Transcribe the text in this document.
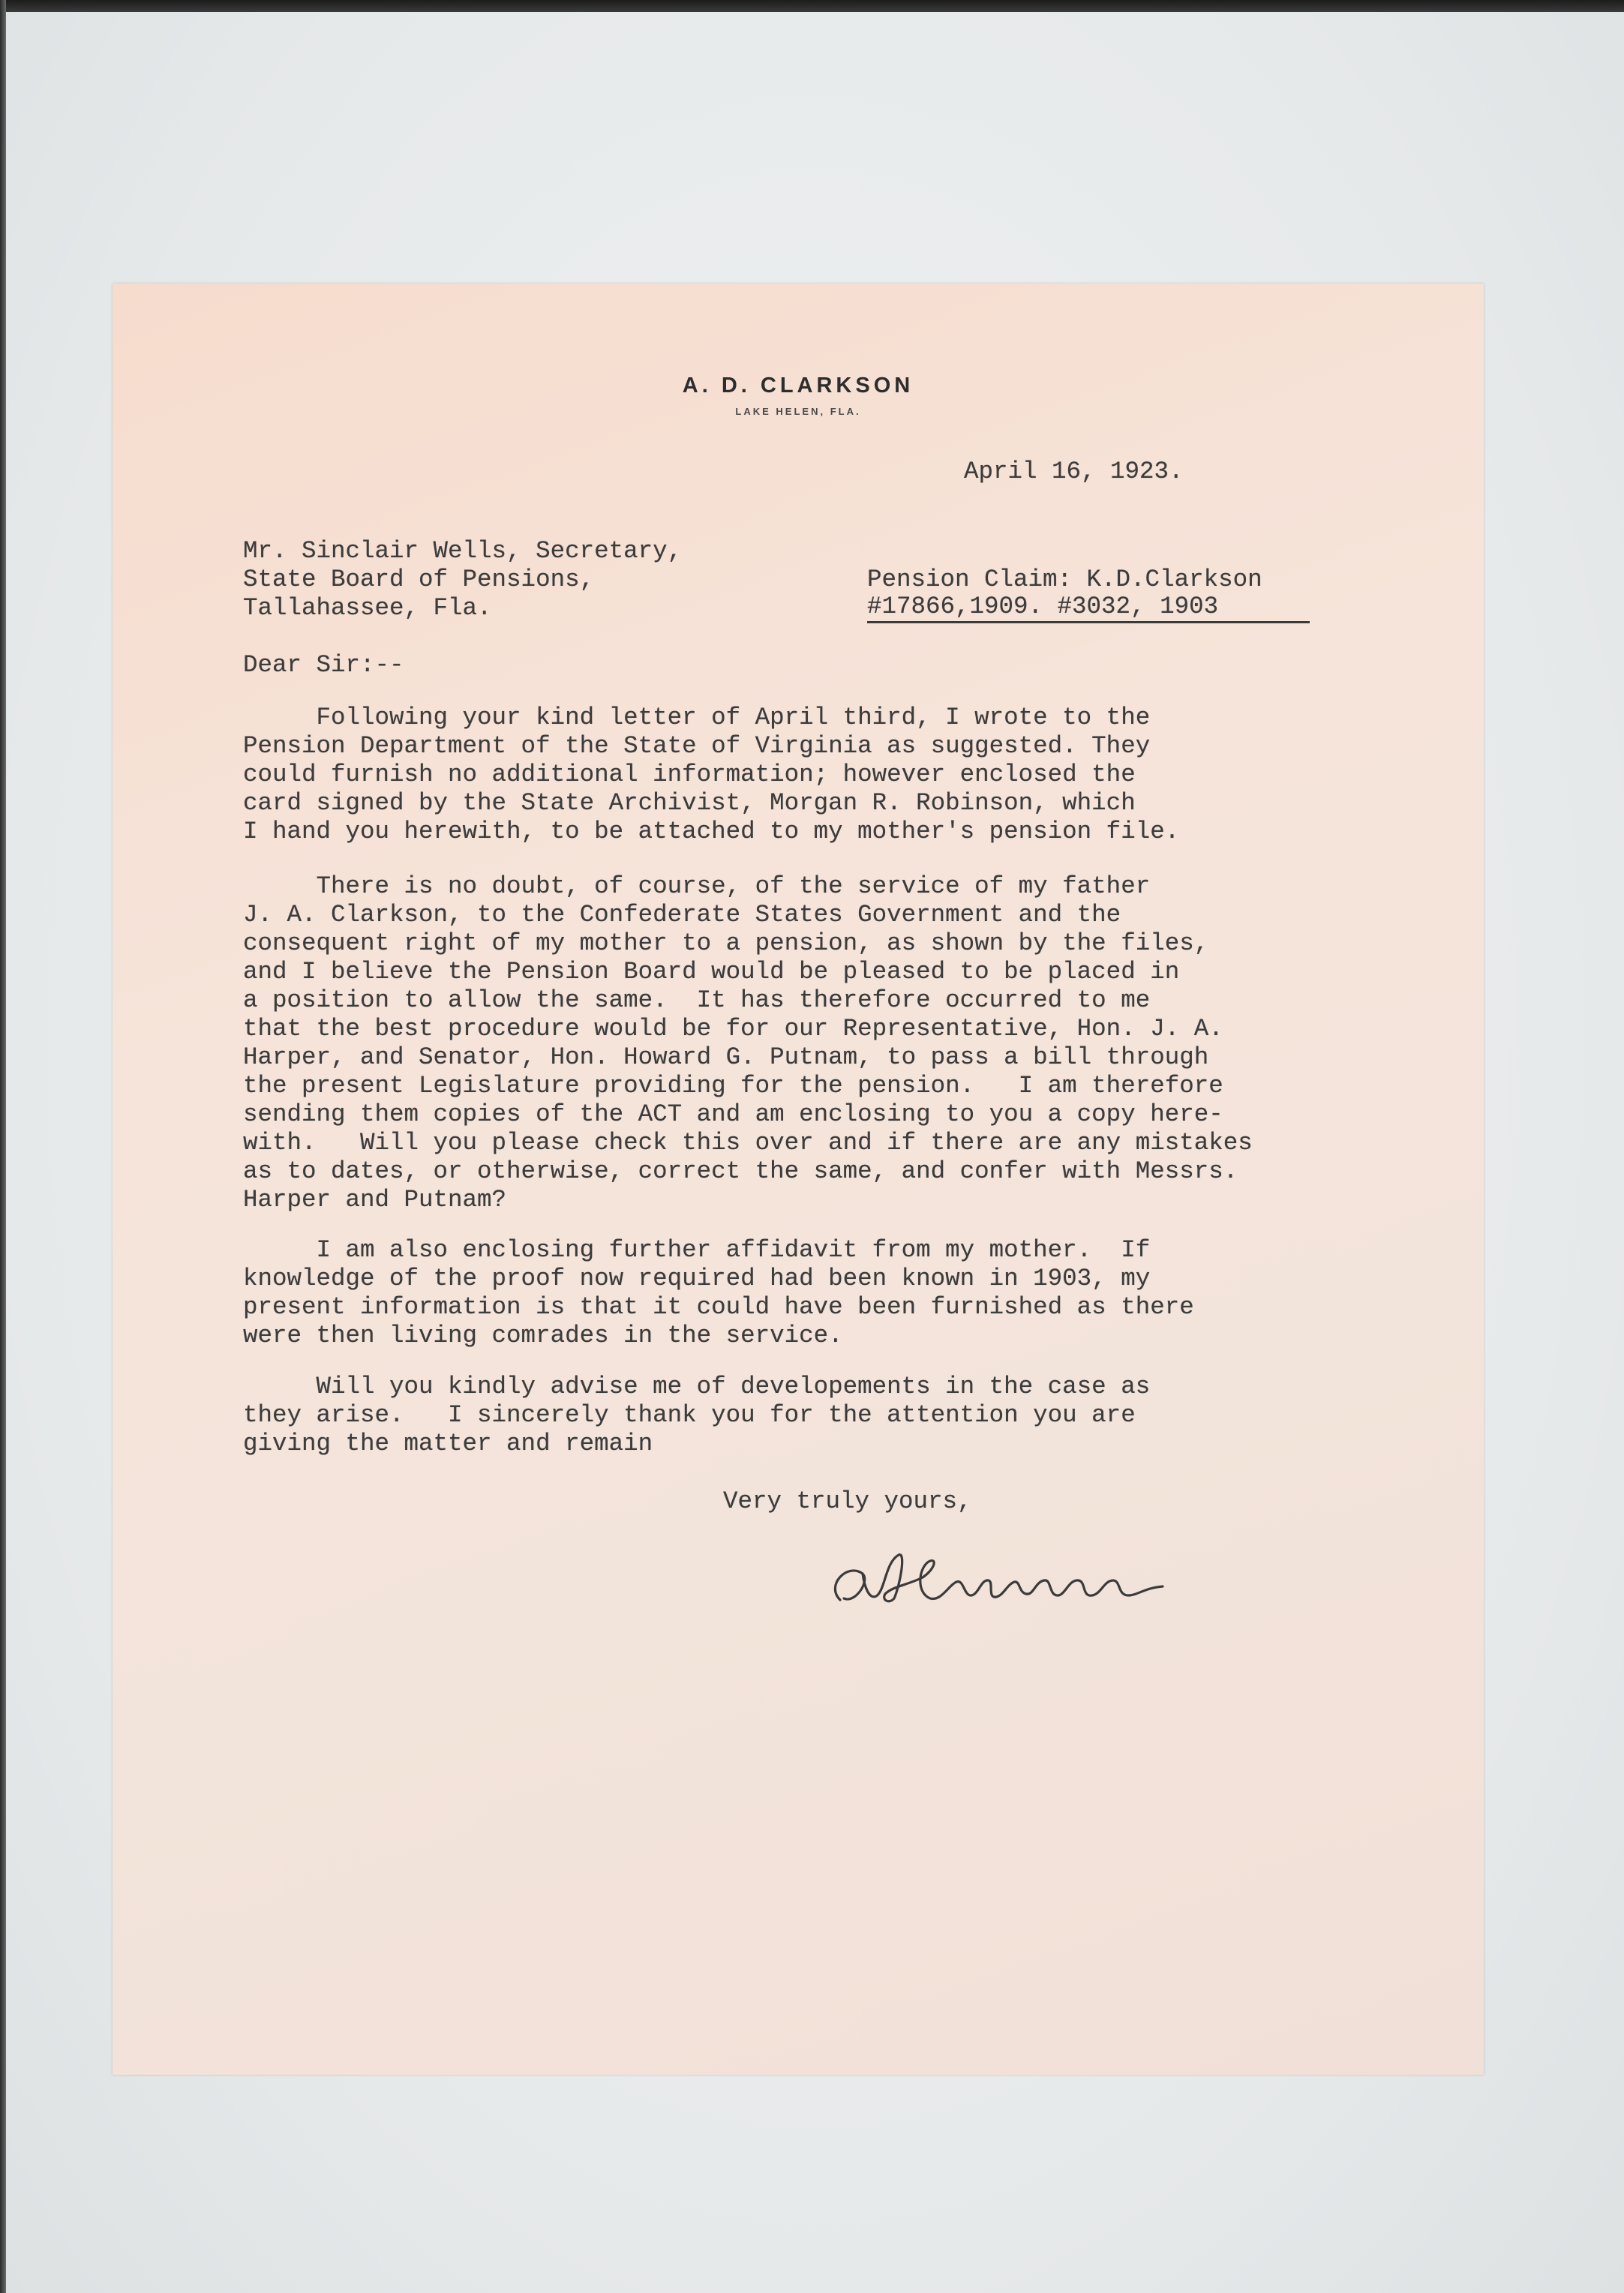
A. D. CLARKSON
LAKE HELEN, FLA.
April 16, 1923.
Mr. Sinclair Wells, Secretary,
State Board of Pensions,
Tallahassee, Fla.
Pension Claim: K.D.Clarkson
#17866,1909. #3032, 1903
Dear Sir:--
Following your kind letter of April third, I wrote to the
Pension Department of the State of Virginia as suggested. They
could furnish no additional information; however enclosed the
card signed by the State Archivist, Morgan R. Robinson, which
I hand you herewith, to be attached to my mother's pension file.
There is no doubt, of course, of the service of my father
J. A. Clarkson, to the Confederate States Government and the
consequent right of my mother to a pension, as shown by the files,
and I believe the Pension Board would be pleased to be placed in
a position to allow the same.  It has therefore occurred to me
that the best procedure would be for our Representative, Hon. J. A.
Harper, and Senator, Hon. Howard G. Putnam, to pass a bill through
the present Legislature providing for the pension.   I am therefore
sending them copies of the ACT and am enclosing to you a copy here-
with.   Will you please check this over and if there are any mistakes
as to dates, or otherwise, correct the same, and confer with Messrs.
Harper and Putnam?
I am also enclosing further affidavit from my mother.  If
knowledge of the proof now required had been known in 1903, my
present information is that it could have been furnished as there
were then living comrades in the service.
Will you kindly advise me of developements in the case as
they arise.   I sincerely thank you for the attention you are
giving the matter and remain
Very truly yours,
